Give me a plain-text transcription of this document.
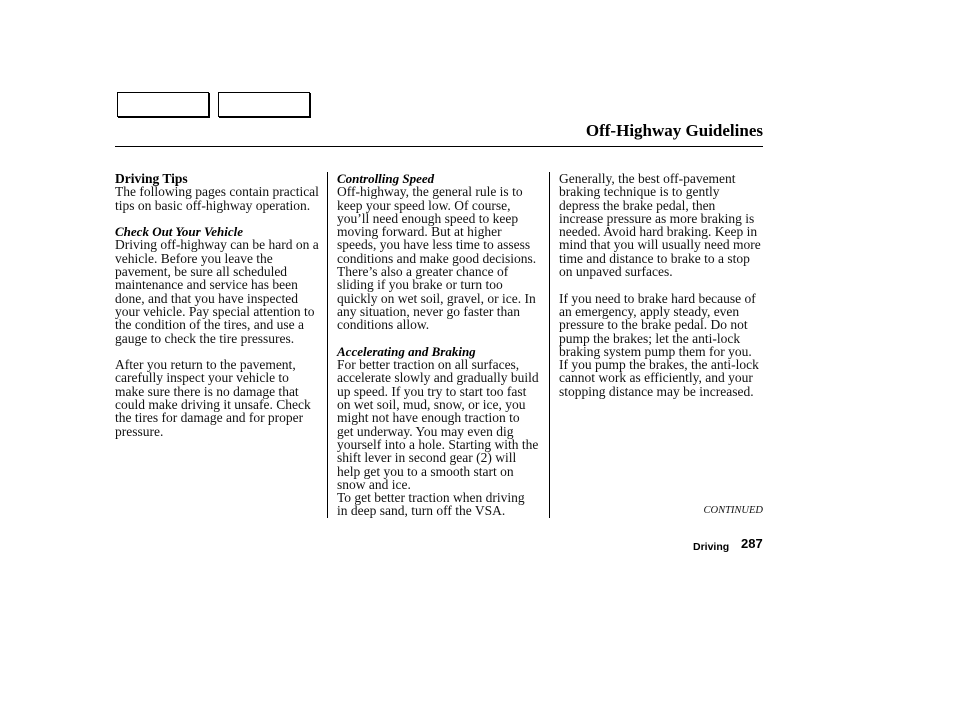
Off-Highway Guidelines
Driving Tips
The following pages contain practical
tips on basic off-highway operation.
Check Out Your Vehicle
Driving off-highway can be hard on a
vehicle. Before you leave the
pavement, be sure all scheduled
maintenance and service has been
done, and that you have inspected
your vehicle. Pay special attention to
the condition of the tires, and use a
gauge to check the tire pressures.
After you return to the pavement,
carefully inspect your vehicle to
make sure there is no damage that
could make driving it unsafe. Check
the tires for damage and for proper
pressure.
Controlling Speed
Off-highway, the general rule is to
keep your speed low. Of course,
you’ll need enough speed to keep
moving forward. But at higher
speeds, you have less time to assess
conditions and make good decisions.
There’s also a greater chance of
sliding if you brake or turn too
quickly on wet soil, gravel, or ice. In
any situation, never go faster than
conditions allow.
Accelerating and Braking
For better traction on all surfaces,
accelerate slowly and gradually build
up speed. If you try to start too fast
on wet soil, mud, snow, or ice, you
might not have enough traction to
get underway. You may even dig
yourself into a hole. Starting with the
shift lever in second gear (2) will
help get you to a smooth start on
snow and ice.
To get better traction when driving
in deep sand, turn off the VSA.
Generally, the best off-pavement
braking technique is to gently
depress the brake pedal, then
increase pressure as more braking is
needed. Avoid hard braking. Keep in
mind that you will usually need more
time and distance to brake to a stop
on unpaved surfaces.
If you need to brake hard because of
an emergency, apply steady, even
pressure to the brake pedal. Do not
pump the brakes; let the anti-lock
braking system pump them for you.
If you pump the brakes, the anti-lock
cannot work as efficiently, and your
stopping distance may be increased.
CONTINUED
Driving 287
